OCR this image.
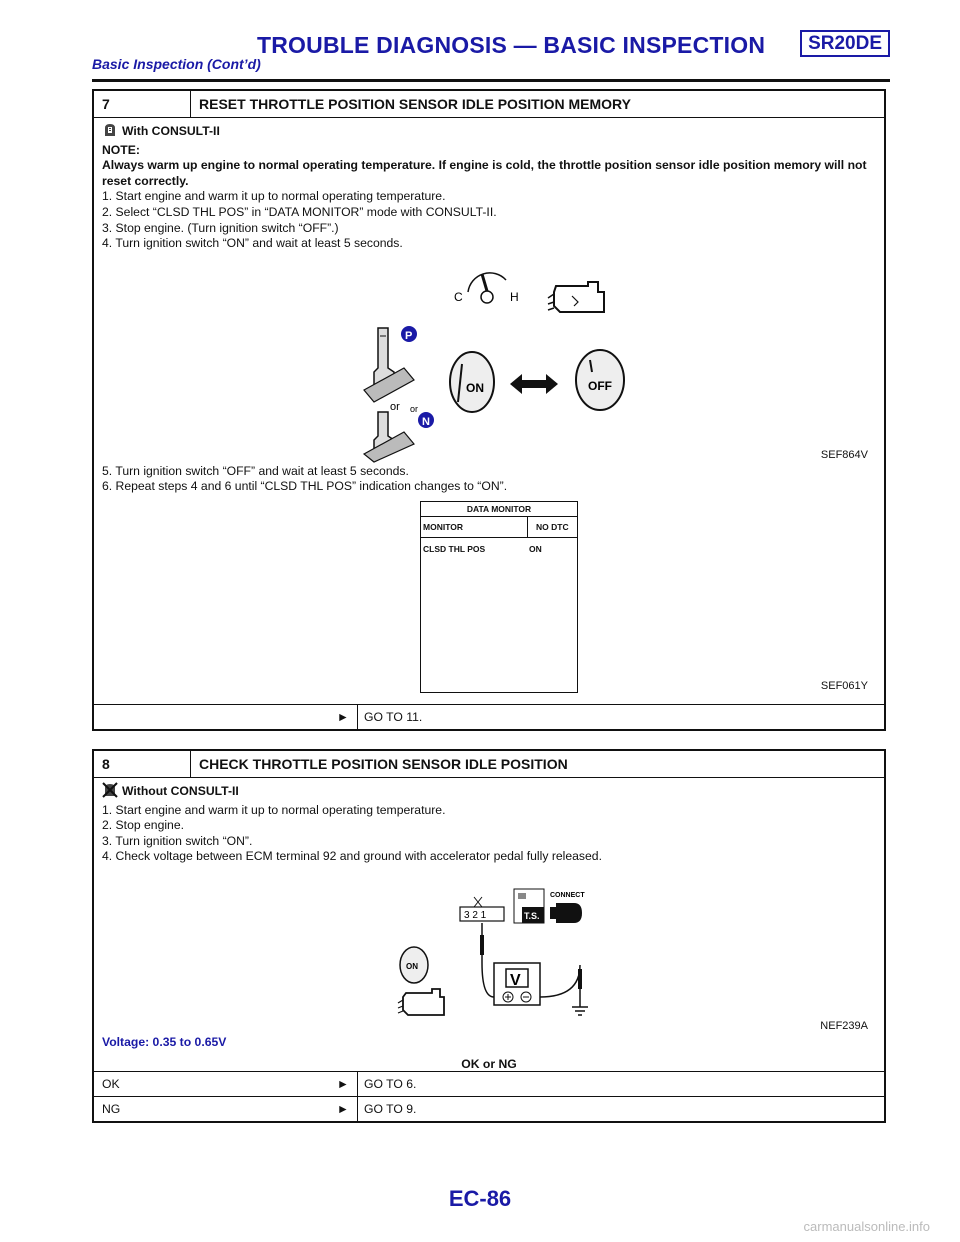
TROUBLE DIAGNOSIS — BASIC INSPECTION	SR20DE
Basic Inspection (Cont’d)
7	RESET THROTTLE POSITION SENSOR IDLE POSITION MEMORY

With CONSULT-II

NOTE:

Always warm up engine to normal operating temperature. If engine is cold, the throttle position sensor idle position memory will not reset correctly.

1. Start engine and warm it up to normal operating temperature.

2. Select “CLSD THL POS” in “DATA MONITOR” mode with CONSULT-II.

3. Stop engine. (Turn ignition switch “OFF”.)

4. Turn ignition switch “ON” and wait at least 5 seconds.

C	H
P
or or
N
ON	OFF
SEF864V

5. Turn ignition switch “OFF” and wait at least 5 seconds.

6. Repeat steps 4 and 6 until “CLSD THL POS” indication changes to “ON”.

DATA MONITOR
MONITOR	NO DTC
CLSD THL POS	ON
SEF061Y
►	GO TO 11.
8	CHECK THROTTLE POSITION SENSOR IDLE POSITION

Without CONSULT-II

1. Start engine and warm it up to normal operating temperature.

2. Stop engine.

3. Turn ignition switch “ON”.

4. Check voltage between ECM terminal 92 and ground with accelerator pedal fully released.

3 2 1	T.S.
CONNECT
V
ON
NEF239A

Voltage: 0.35 to 0.65V

OK or NG
OK	►	GO TO 6.
NG	►	GO TO 9.
EC-86
carmanualsonline.info
